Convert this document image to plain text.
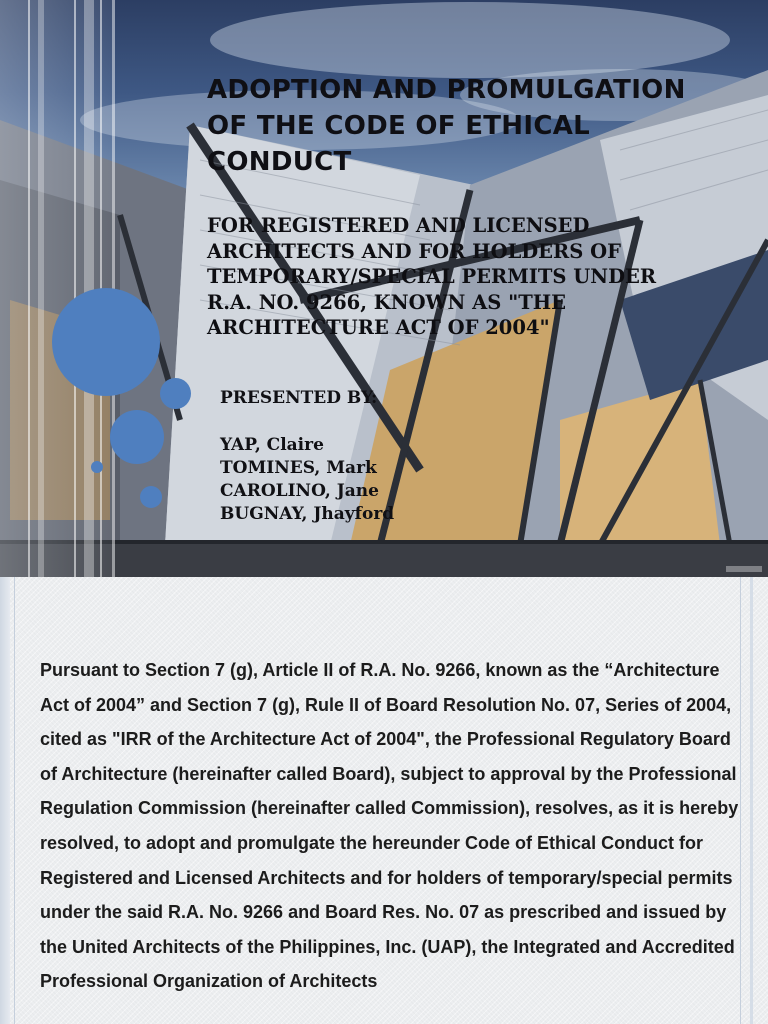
ADOPTION AND PROMULGATION OF THE CODE OF ETHICAL CONDUCT

FOR REGISTERED AND LICENSED ARCHITECTS AND FOR HOLDERS OF TEMPORARY/SPECIAL PERMITS UNDER R.A. NO. 9266, KNOWN AS "THE ARCHITECTURE ACT OF 2004"

PRESENTED BY:

YAP, Claire
TOMINES, Mark
CAROLINO, Jane
BUGNAY, Jhayford

Pursuant to Section 7 (g), Article II of R.A. No. 9266, known as the “Architecture Act of 2004” and Section 7 (g), Rule II of Board Resolution No. 07, Series of 2004, cited as "IRR of the Architecture Act of 2004", the Professional Regulatory Board of Architecture (hereinafter called Board), subject to approval by the Professional Regulation Commission (hereinafter called Commission), resolves, as it is hereby resolved, to adopt and promulgate the hereunder Code of Ethical Conduct for Registered and Licensed Architects and for holders of temporary/special permits under the said R.A. No. 9266 and Board Res. No. 07 as prescribed and issued by the United Architects of the Philippines, Inc. (UAP), the Integrated and Accredited Professional Organization of Architects
